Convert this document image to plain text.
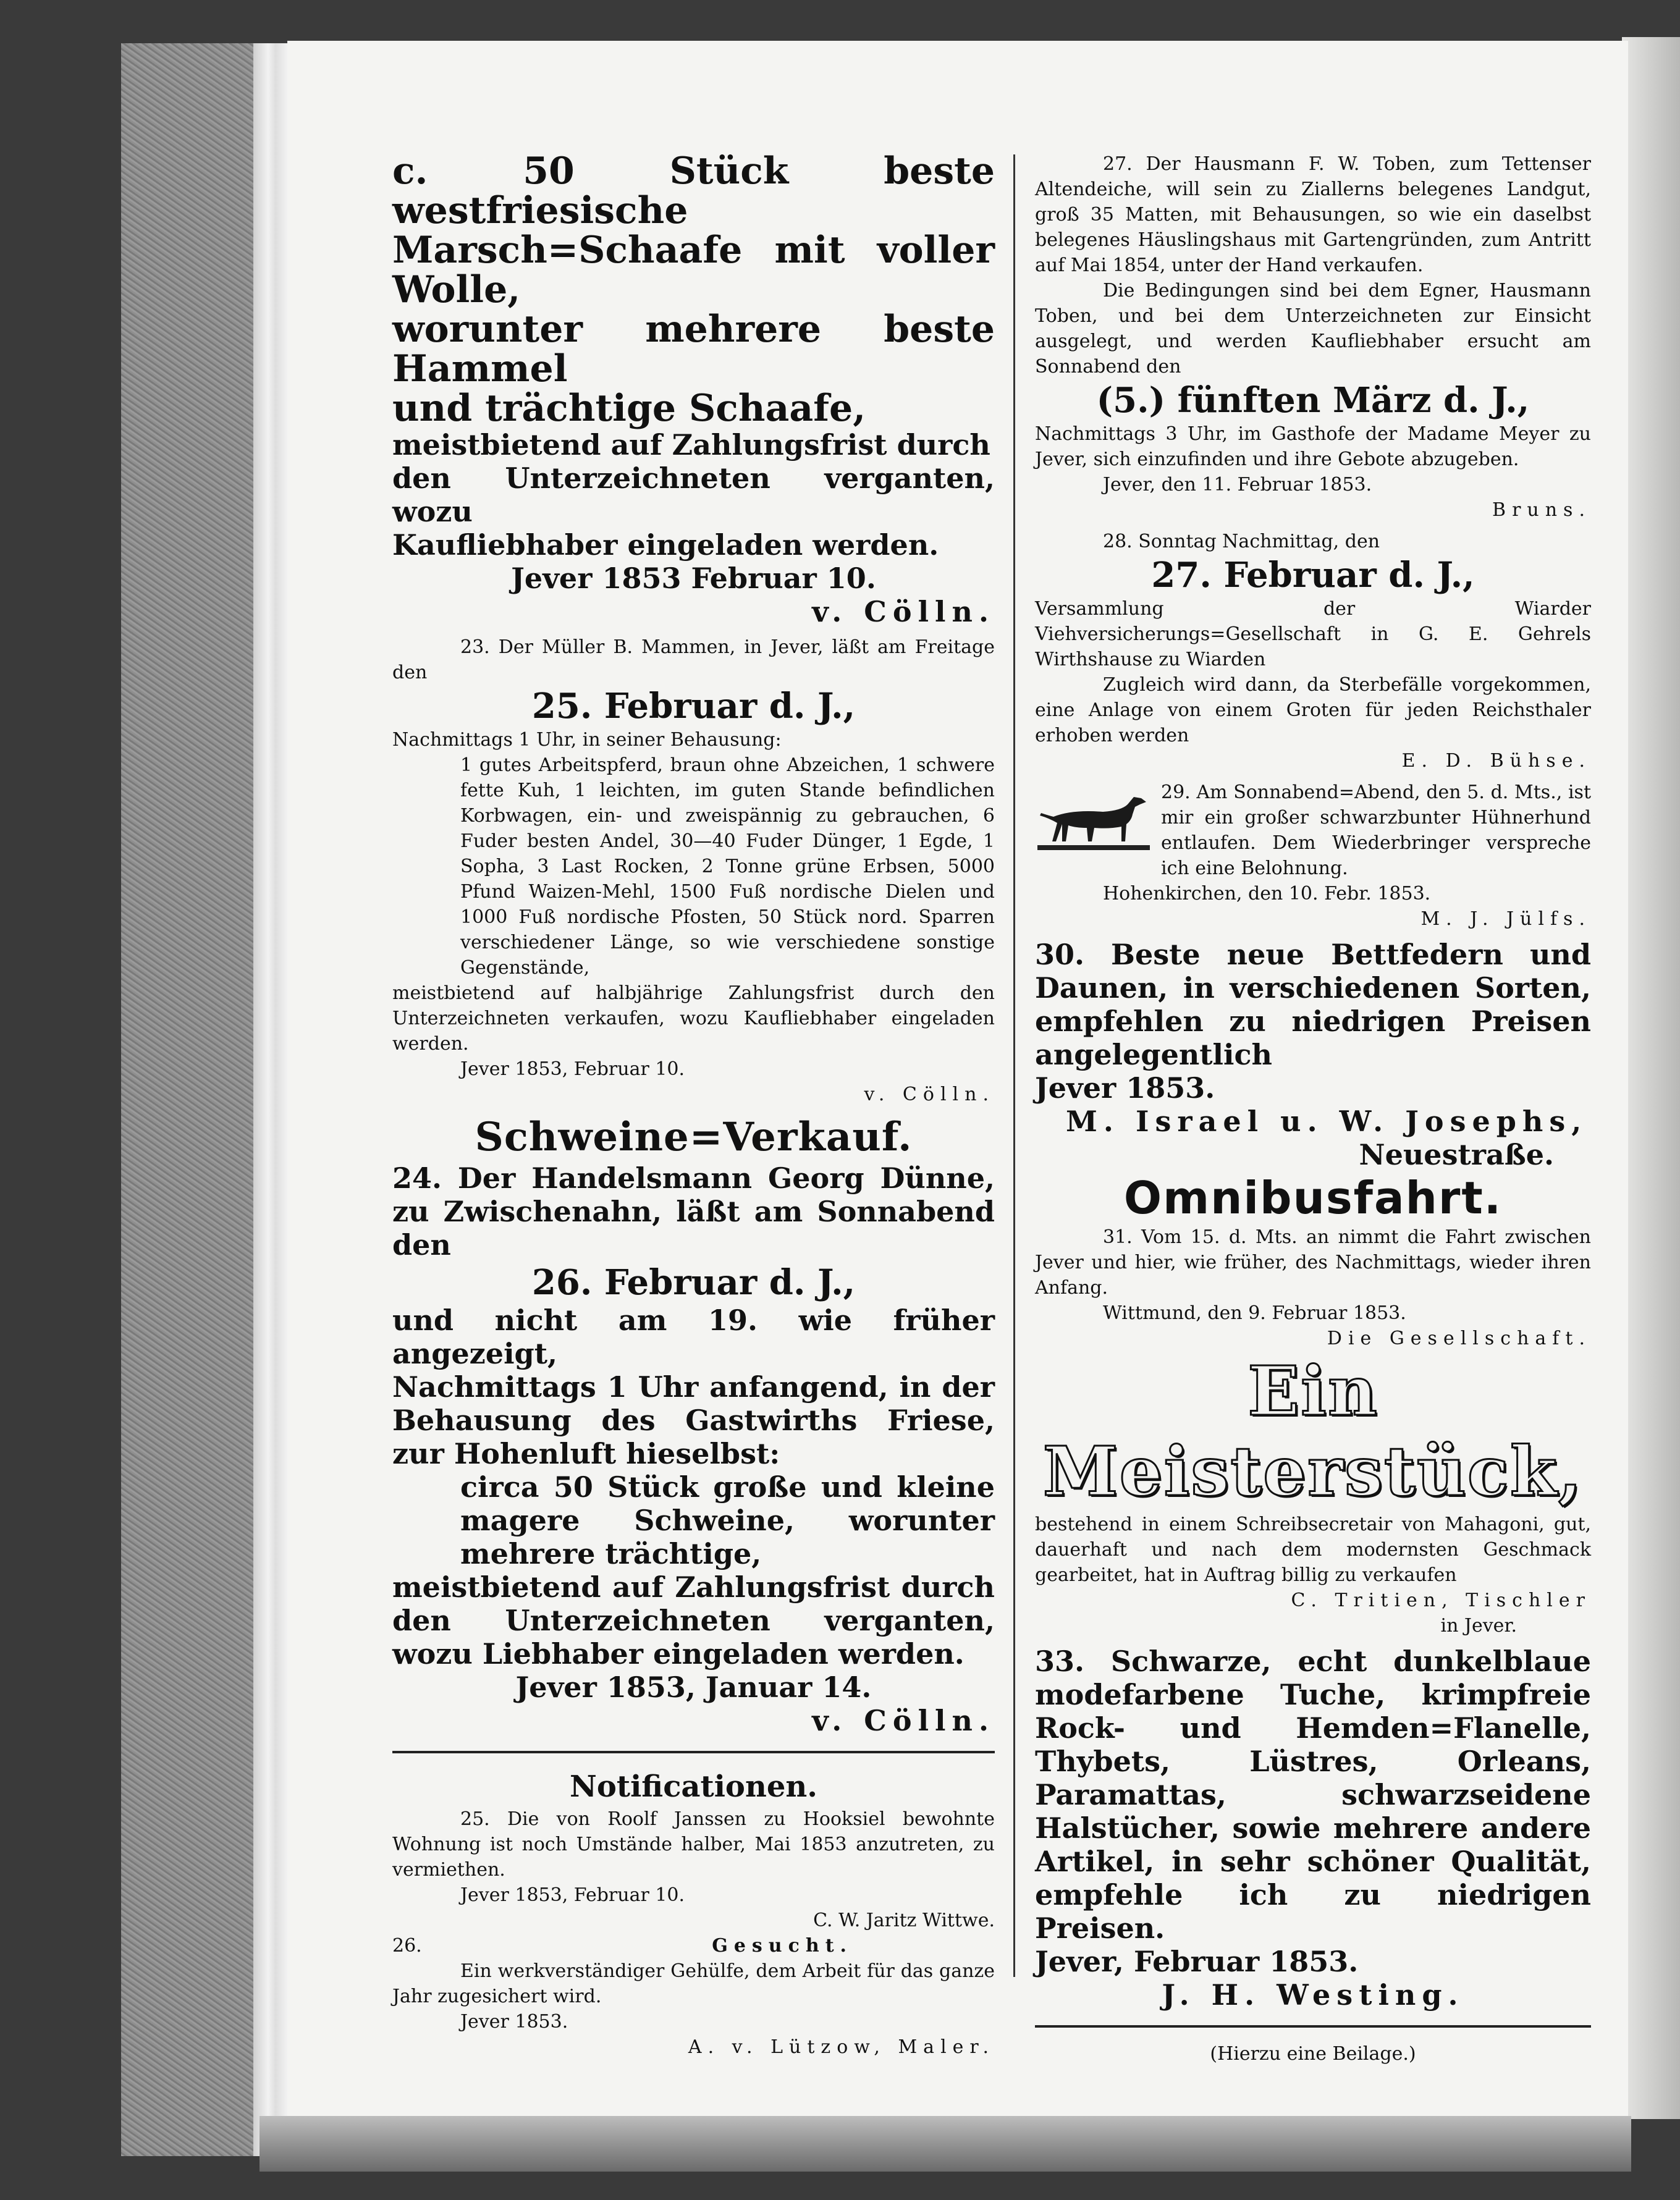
c. 50 Stück beste westfriesische

Marsch=Schaafe mit voller Wolle,

worunter mehrere beste Hammel

und trächtige Schaafe,

meistbietend auf Zahlungsfrist durch

den Unterzeichneten verganten, wozu

Kaufliebhaber eingeladen werden.

Jever 1853 Februar 10.

v. Cölln.

23. Der Müller B. Mammen, in Jever, läßt am Freitage den

25. Februar d. J.,

Nachmittags 1 Uhr, in seiner Behausung:

1 gutes Arbeitspferd, braun ohne Abzeichen, 1 schwere fette Kuh, 1 leichten, im guten Stande befindlichen Korbwagen, ein- und zweispännig zu gebrauchen, 6 Fuder besten Andel, 30—40 Fuder Dünger, 1 Egde, 1 Sopha, 3 Last Rocken, 2 Tonne grüne Erbsen, 5000 Pfund Waizen-Mehl, 1500 Fuß nordische Dielen und 1000 Fuß nordische Pfosten, 50 Stück nord. Sparren verschiedener Länge, so wie verschiedene sonstige Gegenstände,

meistbietend auf halbjährige Zahlungsfrist durch den Unterzeichneten verkaufen, wozu Kaufliebhaber eingeladen werden.

Jever 1853, Februar 10.

v. Cölln.

Schweine=Verkauf.

24. Der Handelsmann Georg Dünne, zu Zwischenahn, läßt am Sonnabend den

26. Februar d. J.,

und nicht am 19. wie früher angezeigt,

Nachmittags 1 Uhr anfangend, in der Behausung des Gastwirths Friese, zur Hohenluft hieselbst:

circa 50 Stück große und kleine magere Schweine, worunter mehrere trächtige,

meistbietend auf Zahlungsfrist durch den Unterzeichneten verganten, wozu Liebhaber eingeladen werden.

Jever 1853, Januar 14.

v. Cölln.

Notificationen.

25. Die von Roolf Janssen zu Hooksiel bewohnte Wohnung ist noch Umstände halber, Mai 1853 anzutreten, zu vermiethen.

Jever 1853, Februar 10.

C. W. Jaritz Wittwe.

26.	Gesucht.

Ein werkverständiger Gehülfe, dem Arbeit für das ganze Jahr zugesichert wird.

Jever 1853.

A. v. Lützow, Maler.

27. Der Hausmann F. W. Toben, zum Tettenser Altendeiche, will sein zu Ziallerns belegenes Landgut, groß 35 Matten, mit Behausungen, so wie ein daselbst belegenes Häuslingshaus mit Gartengründen, zum Antritt auf Mai 1854, unter der Hand verkaufen.

Die Bedingungen sind bei dem Egner, Hausmann Toben, und bei dem Unterzeichneten zur Einsicht ausgelegt, und werden Kaufliebhaber ersucht am Sonnabend den

(5.) fünften März d. J.,

Nachmittags 3 Uhr, im Gasthofe der Madame Meyer zu Jever, sich einzufinden und ihre Gebote abzugeben.

Jever, den 11. Februar 1853.

Bruns.

28. Sonntag Nachmittag, den

27. Februar d. J.,

Versammlung der Wiarder Viehversicherungs=Gesellschaft in G. E. Gehrels Wirthshause zu Wiarden

Zugleich wird dann, da Sterbefälle vorgekommen, eine Anlage von einem Groten für jeden Reichsthaler erhoben werden

E. D. Bühse.

29. Am Sonnabend=Abend, den 5. d. Mts., ist mir ein großer schwarzbunter Hühnerhund entlaufen. Dem Wiederbringer verspreche ich eine Belohnung.

Hohenkirchen, den 10. Febr. 1853.

M. J. Jülfs.

30. Beste neue Bettfedern und Daunen, in verschiedenen Sorten, empfehlen zu niedrigen Preisen angelegentlich

Jever 1853.

M. Israel u. W. Josephs,

Neuestraße.

Omnibusfahrt.

31. Vom 15. d. Mts. an nimmt die Fahrt zwischen Jever und hier, wie früher, des Nachmittags, wieder ihren Anfang.

Wittmund, den 9. Februar 1853.

Die Gesellschaft.

Ein Meisterstück,

bestehend in einem Schreibsecretair von Mahagoni, gut, dauerhaft und nach dem modernsten Geschmack gearbeitet, hat in Auftrag billig zu verkaufen

C. Tritien, Tischler

in Jever.

33. Schwarze, echt dunkelblaue modefarbene Tuche, krimpfreie Rock- und Hemden=Flanelle, Thybets, Lüstres, Orleans, Paramattas, schwarzseidene Halstücher, sowie mehrere andere Artikel, in sehr schöner Qualität, empfehle ich zu niedrigen Preisen.

Jever, Februar 1853.

J. H. Westing.

(Hierzu eine Beilage.)
